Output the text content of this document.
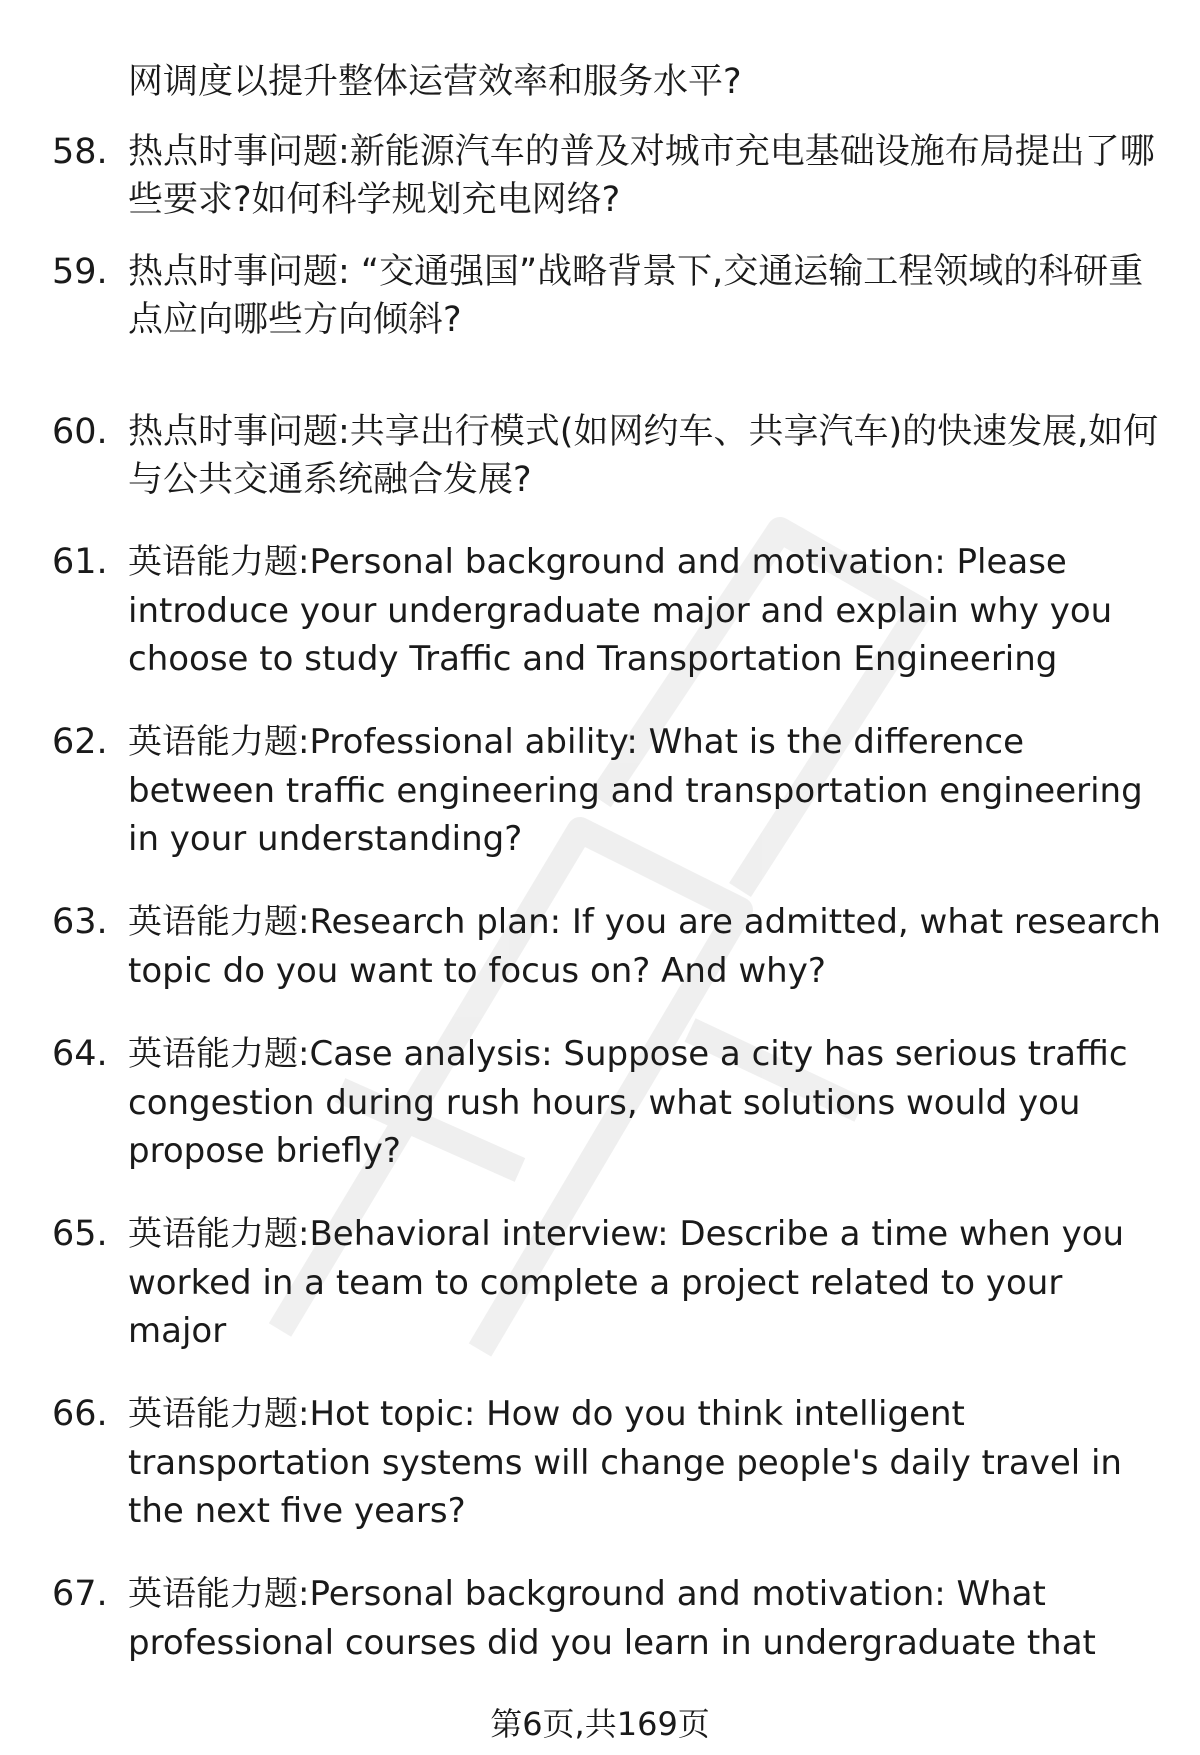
网调度以提升整体运营效率和服务水平?
58. 热点时事问题:新能源汽车的普及对城市充电基础设施布局提出了哪些要求?如何科学规划充电网络?
59. 热点时事问题: “交通强国”战略背景下,交通运输工程领域的科研重点应向哪些方向倾斜?
60. 热点时事问题:共享出行模式(如网约车、共享汽车)的快速发展,如何与公共交通系统融合发展?
61. 英语能力题:Personal background and motivation: Please introduce your undergraduate major and explain why you choose to study Traffic and Transportation Engineering
62. 英语能力题:Professional ability: What is the difference between traffic engineering and transportation engineering in your understanding?
63. 英语能力题:Research plan: If you are admitted, what research topic do you want to focus on? And why?
64. 英语能力题:Case analysis: Suppose a city has serious traffic congestion during rush hours, what solutions would you propose briefly?
65. 英语能力题:Behavioral interview: Describe a time when you worked in a team to complete a project related to your major
66. 英语能力题:Hot topic: How do you think intelligent transportation systems will change people's daily travel in the next five years?
67. 英语能力题:Personal background and motivation: What professional courses did you learn in undergraduate that
第6页,共169页
